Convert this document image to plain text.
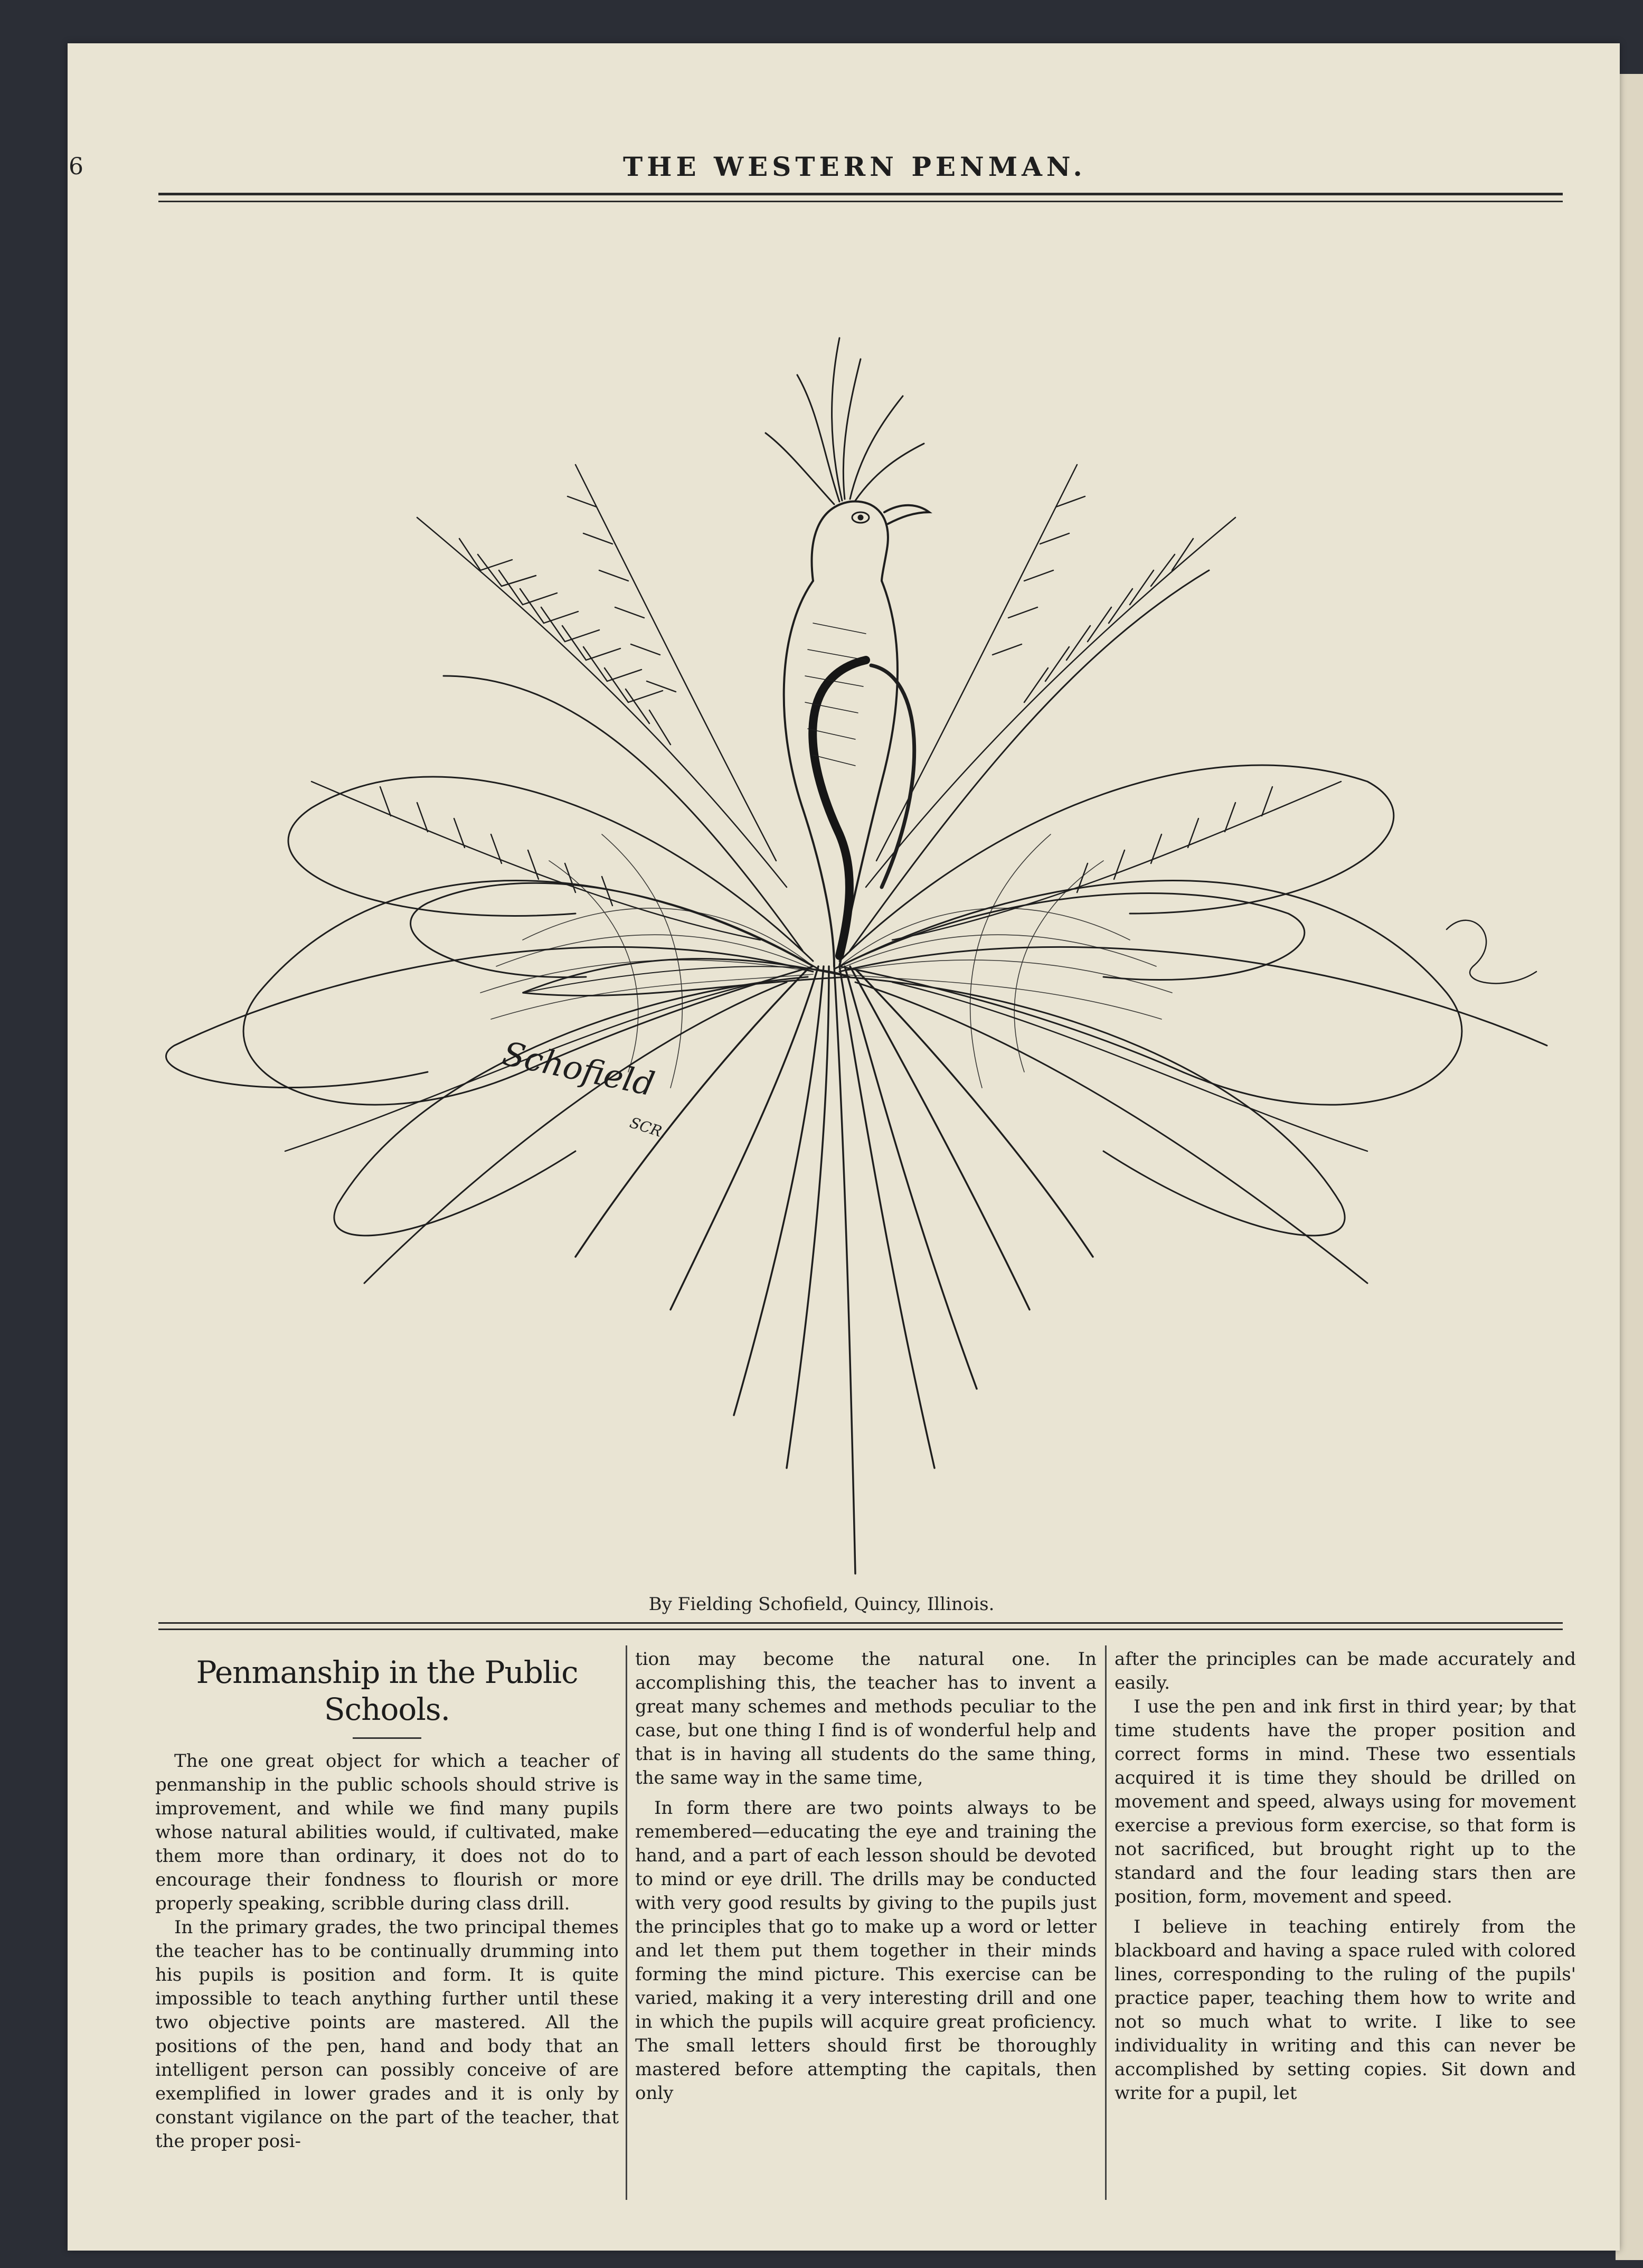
6	THE WESTERN PENMAN.
Schofield
SCR.
By Fielding Schofield, Quincy, Illinois.
Penmanship in the Public Schools.

The one great object for which a teacher of penmanship in the public schools should strive is improvement, and while we find many pupils whose natural abilities would, if cultivated, make them more than ordinary, it does not do to encourage their fondness to flourish or more properly speaking, scribble during class drill.

In the primary grades, the two principal themes the teacher has to be continually drumming into his pupils is position and form. It is quite impossible to teach anything further until these two objective points are mastered. All the positions of the pen, hand and body that an intelligent person can possibly conceive of are exemplified in lower grades and it is only by constant vigilance on the part of the teacher, that the proper posi-

tion may become the natural one. In accomplishing this, the teacher has to invent a great many schemes and methods peculiar to the case, but one thing I find is of wonderful help and that is in having all students do the same thing, the same way in the same time,

In form there are two points always to be remembered—educating the eye and training the hand, and a part of each lesson should be devoted to mind or eye drill. The drills may be conducted with very good results by giving to the pupils just the principles that go to make up a word or letter and let them put them together in their minds forming the mind picture. This exercise can be varied, making it a very interesting drill and one in which the pupils will acquire great proficiency. The small letters should first be thoroughly mastered before attempting the capitals, then only

after the principles can be made accurately and easily.

I use the pen and ink first in third year; by that time students have the proper position and correct forms in mind. These two essentials acquired it is time they should be drilled on movement and speed, always using for movement exercise a previous form exercise, so that form is not sacrificed, but brought right up to the standard and the four leading stars then are position, form, movement and speed.

I believe in teaching entirely from the blackboard and having a space ruled with colored lines, corresponding to the ruling of the pupils' practice paper, teaching them how to write and not so much what to write. I like to see individuality in writing and this can never be accomplished by setting copies. Sit down and write for a pupil, let
